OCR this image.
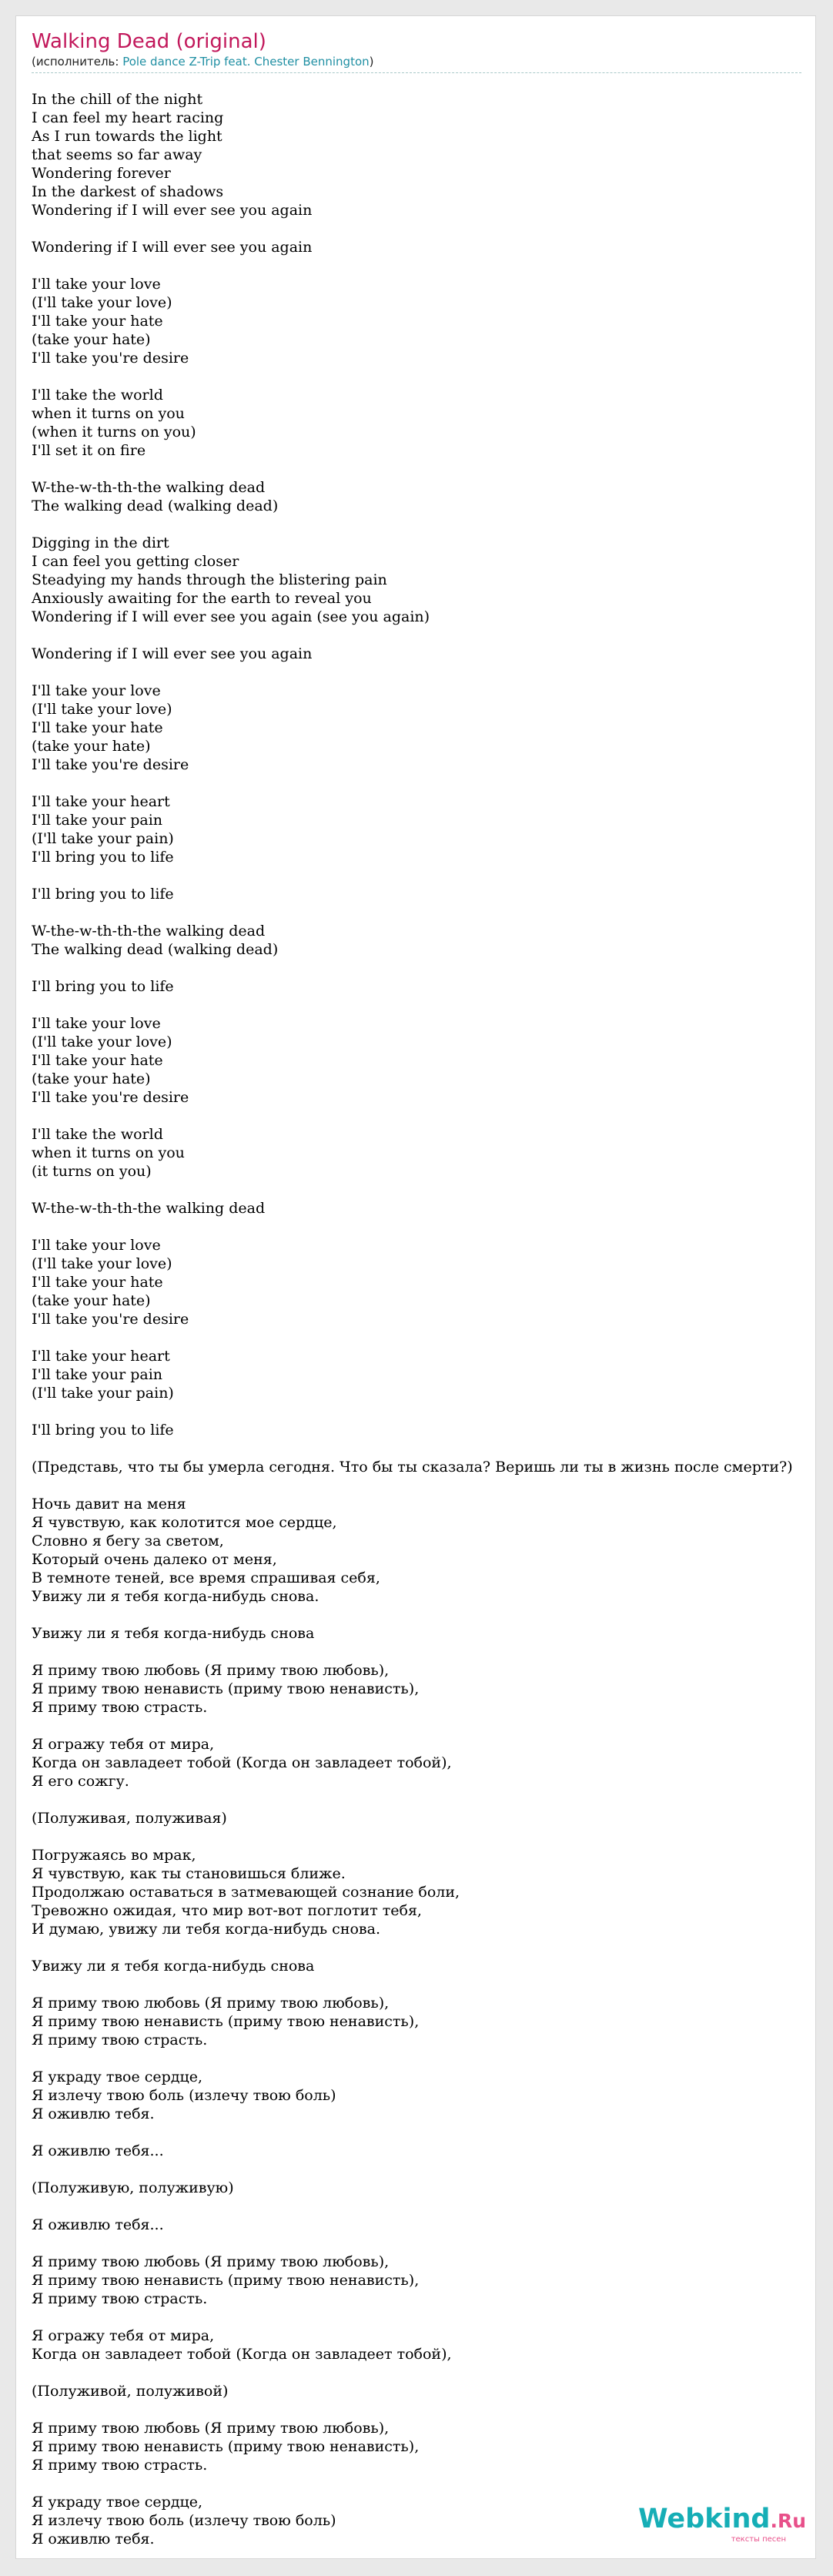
Walking Dead (original)
(исполнитель: Pole dance Z-Trip feat. Chester Bennington)
In the chill of the night
I can feel my heart racing
As I run towards the light
that seems so far away
Wondering forever
In the darkest of shadows
Wondering if I will ever see you again
Wondering if I will ever see you again
I'll take your love
(I'll take your love)
I'll take your hate
(take your hate)
I'll take you're desire
I'll take the world
when it turns on you
(when it turns on you)
I'll set it on fire
W-the-w-th-th-the walking dead
The walking dead (walking dead)
Digging in the dirt
I can feel you getting closer
Steadying my hands through the blistering pain
Anxiously awaiting for the earth to reveal you
Wondering if I will ever see you again (see you again)
Wondering if I will ever see you again
I'll take your love
(I'll take your love)
I'll take your hate
(take your hate)
I'll take you're desire
I'll take your heart
I'll take your pain
(I'll take your pain)
I'll bring you to life
I'll bring you to life
W-the-w-th-th-the walking dead
The walking dead (walking dead)
I'll bring you to life
I'll take your love
(I'll take your love)
I'll take your hate
(take your hate)
I'll take you're desire
I'll take the world
when it turns on you
(it turns on you)
W-the-w-th-th-the walking dead
I'll take your love
(I'll take your love)
I'll take your hate
(take your hate)
I'll take you're desire
I'll take your heart
I'll take your pain
(I'll take your pain)
I'll bring you to life
(Представь, что ты бы умерла сегодня. Что бы ты сказала? Веришь ли ты в жизнь после смерти?)
Ночь давит на меня
Я чувствую, как колотится мое сердце,
Словно я бегу за светом,
Который очень далеко от меня,
В темноте теней, все время спрашивая себя,
Увижу ли я тебя когда-нибудь снова.
Увижу ли я тебя когда-нибудь снова
Я приму твою любовь (Я приму твою любовь),
Я приму твою ненависть (приму твою ненависть),
Я приму твою страсть.
Я огражу тебя от мира,
Когда он завладеет тобой (Когда он завладеет тобой),
Я его сожгу.
(Полуживая, полуживая)
Погружаясь во мрак,
Я чувствую, как ты становишься ближе.
Продолжаю оставаться в затмевающей сознание боли,
Тревожно ожидая, что мир вот-вот поглотит тебя,
И думаю, увижу ли тебя когда-нибудь снова.
Увижу ли я тебя когда-нибудь снова
Я приму твою любовь (Я приму твою любовь),
Я приму твою ненависть (приму твою ненависть),
Я приму твою страсть.
Я украду твое сердце,
Я излечу твою боль (излечу твою боль)
Я оживлю тебя.
Я оживлю тебя...
(Полуживую, полуживую)
Я оживлю тебя...
Я приму твою любовь (Я приму твою любовь),
Я приму твою ненависть (приму твою ненависть),
Я приму твою страсть.
Я огражу тебя от мира,
Когда он завладеет тобой (Когда он завладеет тобой),
(Полуживой, полуживой)
Я приму твою любовь (Я приму твою любовь),
Я приму твою ненависть (приму твою ненависть),
Я приму твою страсть.
Я украду твое сердце,
Я излечу твою боль (излечу твою боль)
Я оживлю тебя.
Webkind.Ru
тексты песен
